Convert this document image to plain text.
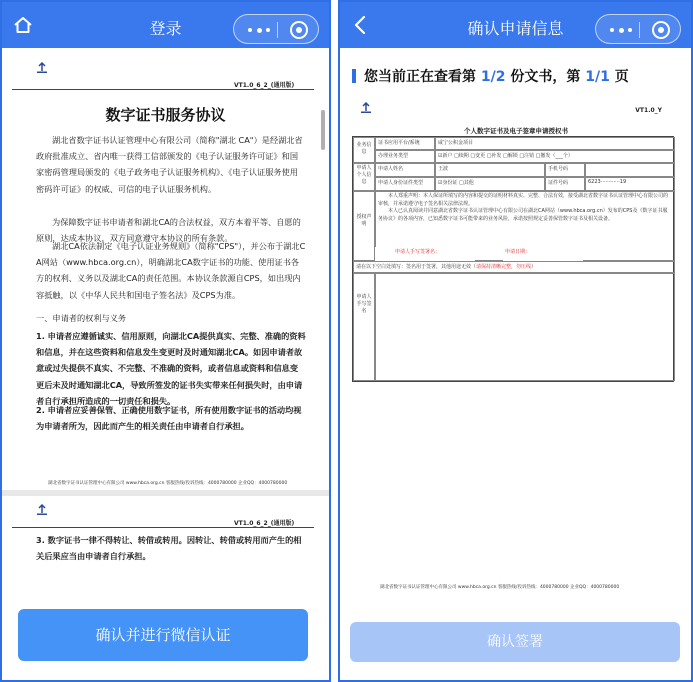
登录
VT1.0_6_2_(通用版)
数字证书服务协议
湖北省数字证书认证管理中心有限公司（简称"湖北 CA"）是经湖北省政府批准成立、省内唯一获得工信部颁发的《电子认证服务许可证》和国家密码管理局颁发的《电子政务电子认证服务机构》、《电子认证服务使用密码许可证》的权威、可信的电子认证服务机构。
为保障数字证书申请者和湖北CA的合法权益，双方本着平等、自愿的原则，达成本协议，双方同意遵守本协议的所有条款。
湖北CA依法制定《电子认证业务规则》（简称"CPS"），并公布于湖北CA网站（www.hbca.org.cn），明确湖北CA数字证书的功能、使用证书各方的权利、义务以及湖北CA的责任范围。本协议条款源自CPS，如出现内容抵触，以《中华人民共和国电子签名法》及CPS为准。
一、申请者的权利与义务
1. 申请者应遵循诚实、信用原则，向湖北CA提供真实、完整、准确的资料和信息，并在这些资料和信息发生变更时及时通知湖北CA。如因申请者故意或过失提供不真实、不完整、不准确的资料，或者信息或资料和信息变更后未及时通知湖北CA，导致所签发的证书失实带来任何损失时，由申请者自行承担所造成的一切责任和损失。
2. 申请者应妥善保管、正确使用数字证书，所有使用数字证书的活动均视为申请者所为，因此而产生的相关责任由申请者自行承担。
湖北省数字证书认证管理中心有限公司 www.hbca.org.cn 客服热线/投诉热线：4000780000 企业QQ：4000780000
VT1.0_6_2_(通用版)
3. 数字证书一律不得转让、转借或转用。因转让、转借或转用而产生的相关后果应当由申请者自行承担。
确认并进行微信认证
确认申请信息
您当前正在查看第 1/2 份文书，第 1/1 页
VT1.0_Y
个人数字证书及电子签章申请授权书
业务信息
证书应用平台/系统	咸宁公积金项目
办理业务类型	☑新户 □续期 □变更 □补发 □解锁 □注销 □撤发（___个）
申请人个人信息
申请人姓名	王波	手机号码
申请人身份证件类型	☑身份证 □其他	证件号码	6223············19
授权声明
本人郑重声明：本人保证所填写的内容和提交的证明材料真实、完整、合法有效，接受湖北省数字证书认证管理中心有限公司的审核，并承诺遵守电子签名相关法律法规。
本人已认真阅读并同意湖北省数字证书认证管理中心有限公司在湖北CA网站（www.hbca.org.cn）发布的CPS及《数字证书服务协议》的各项内容，已知悉数字证书可能带来的业务风险，承诺按照规定妥善保管数字证书及相关设备。
申请人手写签署名：	申请日期：
请在以下空白处填写：签名用于签署，其他用途无效（请保持清晰完整，勿压线）
申请人手写签名
湖北省数字证书认证管理中心有限公司 www.hbca.org.cn 客服热线/投诉热线：4000780000 企业QQ：4000780000
确认签署
